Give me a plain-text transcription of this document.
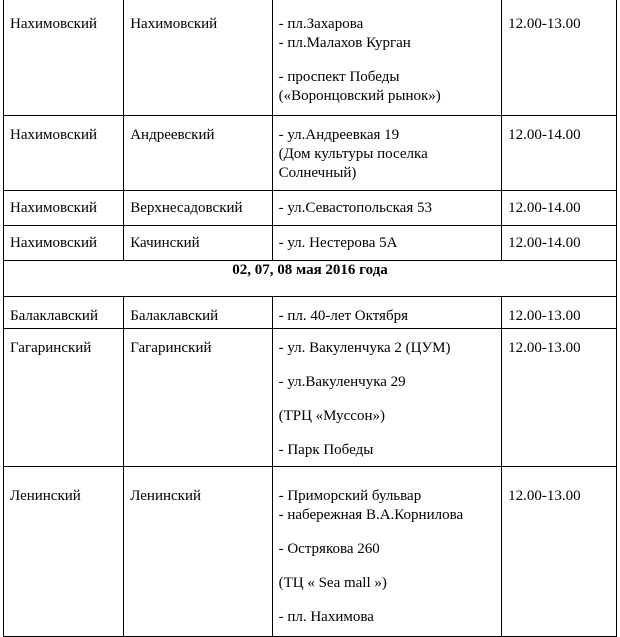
Нахимовский	Нахимовский	- пл.Захарова
- пл.Малахов Курган
- проспект Победы
(«Воронцовский рынок»)	12.00-13.00

Нахимовский	Андреевский	- ул.Андреевкая 19
(Дом культуры поселка
Солнечный)	12.00-14.00

Нахимовский	Верхнесадовский	- ул.Севастопольская 53	12.00-14.00

Нахимовский	Качинский	- ул. Нестерова 5А	12.00-14.00

02, 07, 08 мая 2016 года			

Балаклавский	Балаклавский	- пл. 40-лет Октября	12.00-13.00

Гагаринский	Гагаринский	- ул. Вакуленчука 2 (ЦУМ)
- ул.Вакуленчука 29
(ТРЦ «Муссон»)
- Парк Победы	12.00-13.00

Ленинский	Ленинский	- Приморский бульвар
- набережная В.А.Корнилова
- Острякова 260
(ТЦ « Sea mall »)
- пл. Нахимова	12.00-13.00
